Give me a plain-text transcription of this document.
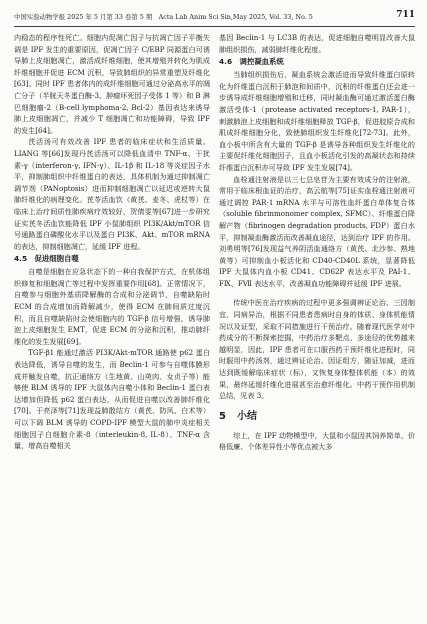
中国实验动物学报 2025 年 5 月第 33 卷第 5 期　Acta Lab Anim Sci Sin,May 2025, Vol. 33, No. 5	711

内稳态的程序性死亡。细胞内促凋亡因子与抗凋亡因子平衡失调是 IPF 发生的重要原因，促凋亡因子 C/EBP 同源蛋白可诱导肺上皮细胞凋亡，激活成纤维细胞，使其增殖并转化为肌成纤维细胞并促进 ECM 沉积，导致肺组织的异常重塑及纤维化[63]。同时 IPF 患者体内的成纤维细胞可通过分泌高水平的凋亡分子（半胱天冬蛋白酶-3、肿瘤坏死因子受体 1 等）和 B 淋巴细胞瘤-2（B-cell lymphoma-2, Bcl-2）基因表达来诱导肺上皮细胞凋亡，并减少 T 细胞凋亡和功能障碍，导致 IPF 的发生[64]。

芪活汤可有效改善 IPF 患者的临床症状和生活质量。LIANG 等[66]发现丹芪活汤可以降低血清中 TNF-α、干扰素-γ（interferon-γ, IFN-γ）、IL-1β 和 IL-18 等炎症因子水平，抑制肺组织中纤维蛋白的表达，具体机制为通过抑制凋亡调节剂（PANoptosis）进而抑制细胞凋亡以延迟或逆转大鼠肺纤维化的病理变化。芪苓活血饮（黄芪、麦冬、虎杖等）在临床上治疗间质性肺疾病疗效较好，贺倩雯等[67]进一步研究证实芪冬活血饮能降低 IPF 小鼠肺组织 PI3K/Akt/mTOR 信号通路蛋白磷酸化水平以及蛋白 PI3K、Akt、mTOR mRNA 的表达，抑制细胞凋亡，延缓 IPF 进程。

4.5　促进细胞自噬

自噬是细胞在应急状态下的一种自我保护方式，在机体组织修复和细胞凋亡等过程中发挥重要作用[68]。正常情况下，自噬参与细胞外基质降解酶的合成和分泌调节，自噬缺陷时 ECM 的合成增加而降解减少，使得 ECM 在肺间质过度沉积，而且自噬缺陷时会使细胞内的 TGF-β 信号增强，诱导肺泡上皮细胞发生 EMT，促进 ECM 的分泌和沉积，推动肺纤维化的发生发展[69]。

TGF-β1 能通过激活 PI3K/Akt-mTOR 通路使 p62 蛋白表达降低，诱导自噬的发生，而 Beclin-1 可参与自噬体膜形成并触发自噬，抗正通络方（生地黄、山萸肉、女贞子等）能够使 BLM 诱导的 IPF 大鼠体内自噬小体和 Beclin-1 蛋白表达增加但降低 p62 蛋白表达，从而促进自噬以改善肺纤维化[70]。于亮泽等[71]发现益肺散结方（黄芪、防风、白术等）可以下调 BLM 诱导的 COPD-IPF 模型大鼠的肺中炎症相关细胞因子白细胞介素-8（interleukin-8, IL-8）、TNF-α 含量，增高自噬相关

基因 Beclin-1 与 LC3B 的表达，促进细胞自噬明显改善大鼠肺组织损伤，减弱肺纤维化程度。

4.6　调控凝血系统

当肺组织损伤后，凝血系统会激活进而导致纤维蛋白原转化为纤维蛋白沉积于肺泡和间质中，沉积的纤维蛋白还会进一步诱导成纤维细胞增殖和迁移，同时凝血酶可通过激活蛋白酶激活受体-1（protease activated receptors-1, PAR-1），刺激肺泡上皮细胞和成纤维细胞释放 TGF-β，促进胶原合成和肌成纤维细胞分化，致使肺组织发生纤维化[72-73]。此外，血小板中所含有大量的 TGF-β 是诱导各种组织发生纤维化的主要促纤维化细胞因子，且血小板活化引发的高凝状态和持续纤维蛋白沉积亦可导致 IPF 发生发展[74]。

血栓通注射液是以三七总皂苷为主要有效成分的注射液，常用于临床根血证的治疗，高云航等[75]证实血栓通注射液可通过调控 PAR-1 mRNA 水平与可溶性血纤蛋白单体复合体（soluble fibrinmonomer complex, SFMC）、纤维蛋白降解产物（fibrinogen degradation products, FDP）蛋白水平，抑制凝血酶激活而改善凝血途径，达到治疗 IPF 的作用。刘勇明等[76]发现益气养阴活血通络方（黄芪、北沙参、熟地黄等）可抑制血小板活化和 CD40-CD40L 系统，显著降低 IPF 大鼠体内血小板 CD41、CD62P 表达水平及 PAI-1、FⅨ、FⅦ 表达水平，改善凝血功能障碍并延缓 IPF 进展。

传统中医在治疗疾病的过程中更多强调辨证论治、三因制宜、同病异治，根据不同患者患病时自身的体质、身体机能情况以及证型，采取不同措施进行干预治疗。随着现代医学对中药成分的不断探索挖掘，中药治疗多靶点、多途径的优势越来越明显，因此，IPF 患者可在口服西药干预纤维化进程时，同时服用中药汤剂，通过辨证论治、因证组方，随证加减，进而达到既缓解临床症状（标），又恢复身体整体机能（本）的效果，最终延缓纤维化进展甚至治愈纤维化。中药干预作用机制总结，见表 3。

5 小结

综上，在 IPF 动物模型中，大鼠和小鼠因其饲养简单、价格低廉、个体差异性小等优点被大多
